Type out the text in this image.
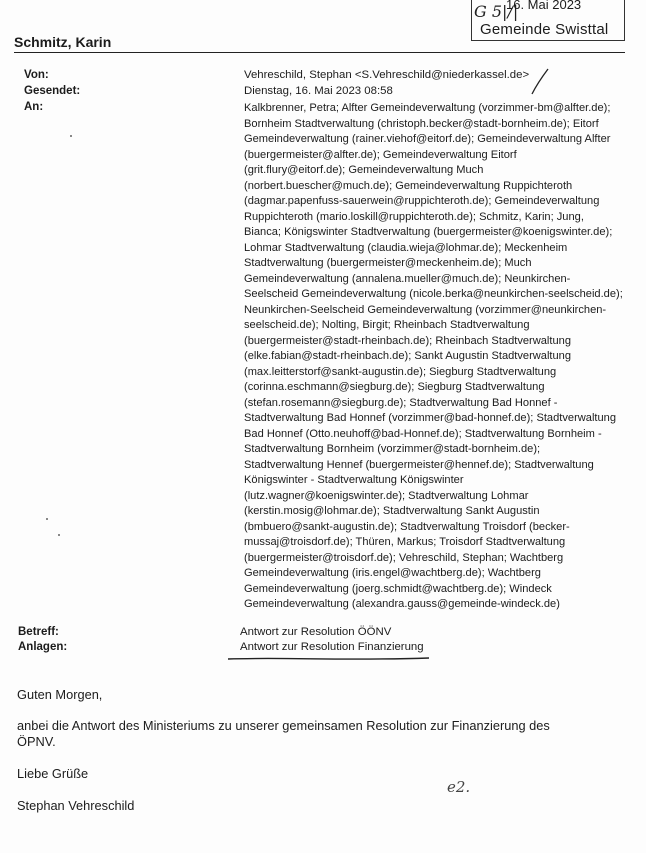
G 5|/|
16. Mai 2023
Gemeinde Swisttal
Schmitz, Karin
Von:	Vehreschild, Stephan <S.Vehreschild@niederkassel.de>
Gesendet:	Dienstag, 16. Mai 2023 08:58
An:	Kalkbrenner, Petra; Alfter Gemeindeverwaltung (vorzimmer-bm@alfter.de);
Bornheim Stadtverwaltung (christoph.becker@stadt-bornheim.de); Eitorf
Gemeindeverwaltung (rainer.viehof@eitorf.de); Gemeindeverwaltung Alfter
(buergermeister@alfter.de); Gemeindeverwaltung Eitorf
(grit.flury@eitorf.de); Gemeindeverwaltung Much
(norbert.buescher@much.de); Gemeindeverwaltung Ruppichteroth
(dagmar.papenfuss-sauerwein@ruppichteroth.de); Gemeindeverwaltung
Ruppichteroth (mario.loskill@ruppichteroth.de); Schmitz, Karin; Jung,
Bianca; Königswinter Stadtverwaltung (buergermeister@koenigswinter.de);
Lohmar Stadtverwaltung (claudia.wieja@lohmar.de); Meckenheim
Stadtverwaltung (buergermeister@meckenheim.de); Much
Gemeindeverwaltung (annalena.mueller@much.de); Neunkirchen-
Seelscheid Gemeindeverwaltung (nicole.berka@neunkirchen-seelscheid.de);
Neunkirchen-Seelscheid Gemeindeverwaltung (vorzimmer@neunkirchen-
seelscheid.de); Nolting, Birgit; Rheinbach Stadtverwaltung
(buergermeister@stadt-rheinbach.de); Rheinbach Stadtverwaltung
(elke.fabian@stadt-rheinbach.de); Sankt Augustin Stadtverwaltung
(max.leitterstorf@sankt-augustin.de); Siegburg Stadtverwaltung
(corinna.eschmann@siegburg.de); Siegburg Stadtverwaltung
(stefan.rosemann@siegburg.de); Stadtverwaltung Bad Honnef -
Stadtverwaltung Bad Honnef (vorzimmer@bad-honnef.de); Stadtverwaltung
Bad Honnef (Otto.neuhoff@bad-Honnef.de); Stadtverwaltung Bornheim -
Stadtverwaltung Bornheim (vorzimmer@stadt-bornheim.de);
Stadtverwaltung Hennef (buergermeister@hennef.de); Stadtverwaltung
Königswinter - Stadtverwaltung Königswinter
(lutz.wagner@koenigswinter.de); Stadtverwaltung Lohmar
(kerstin.mosig@lohmar.de); Stadtverwaltung Sankt Augustin
(bmbuero@sankt-augustin.de); Stadtverwaltung Troisdorf (becker-
mussaj@troisdorf.de); Thüren, Markus; Troisdorf Stadtverwaltung
(buergermeister@troisdorf.de); Vehreschild, Stephan; Wachtberg
Gemeindeverwaltung (iris.engel@wachtberg.de); Wachtberg
Gemeindeverwaltung (joerg.schmidt@wachtberg.de); Windeck
Gemeindeverwaltung (alexandra.gauss@gemeinde-windeck.de)
Betreff:	Antwort zur Resolution ÖÖNV
Anlagen:	Antwort zur Resolution Finanzierung
Guten Morgen,
anbei die Antwort des Ministeriums zu unserer gemeinsamen Resolution zur Finanzierung des
ÖPNV.
Liebe Grüße
Stephan Vehreschild
e2.
